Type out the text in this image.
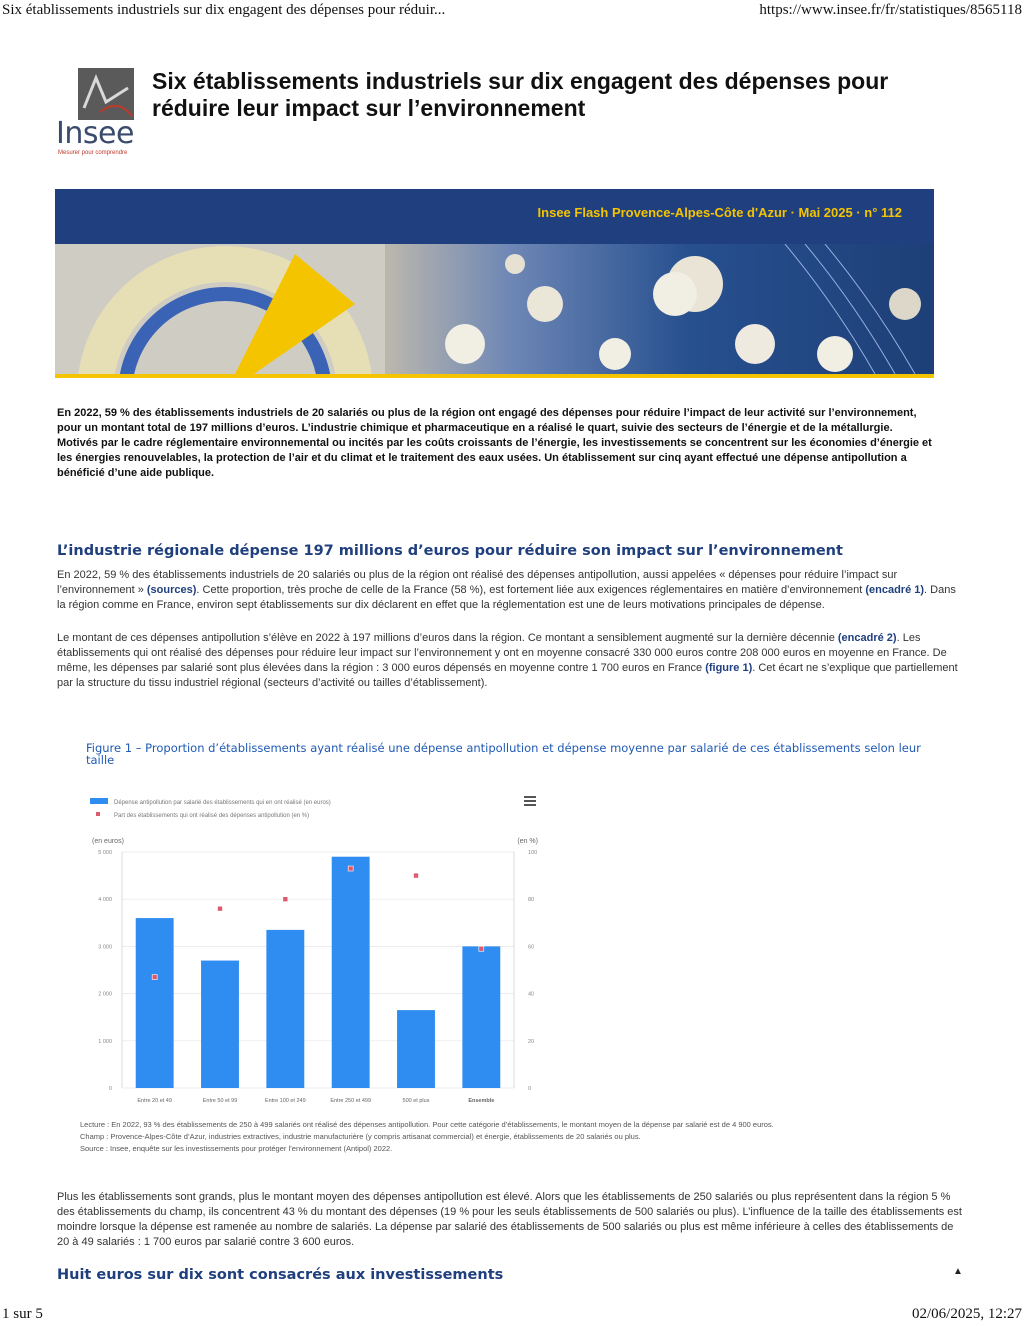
Six établissements industriels sur dix engagent des dépenses pour réduir...	https://www.insee.fr/fr/statistiques/8565118
Insee
Mesurer pour comprendre
Six établissements industriels sur dix engagent des dépenses pour réduire leur impact sur l’environnement
Insee Flash Provence-Alpes-Côte d'Azur · Mai 2025 · n° 112

En 2022, 59 % des établissements industriels de 20 salariés ou plus de la région ont engagé des dépenses pour réduire l’impact de leur activité sur l’environnement, pour un montant total de 197 millions d’euros. L’industrie chimique et pharmaceutique en a réalisé le quart, suivie des secteurs de l’énergie et de la métallurgie. Motivés par le cadre réglementaire environnemental ou incités par les coûts croissants de l’énergie, les investissements se concentrent sur les économies d’énergie et les énergies renouvelables, la protection de l’air et du climat et le traitement des eaux usées. Un établissement sur cinq ayant effectué une dépense antipollution a bénéficié d’une aide publique.

L’industrie régionale dépense 197 millions d’euros pour réduire son impact sur l’environnement

En 2022, 59 % des établissements industriels de 20 salariés ou plus de la région ont réalisé des dépenses antipollution, aussi appelées « dépenses pour réduire l’impact sur l’environnement » (sources). Cette proportion, très proche de celle de la France (58 %), est fortement liée aux exigences réglementaires en matière d’environnement (encadré 1). Dans la région comme en France, environ sept établissements sur dix déclarent en effet que la réglementation est une de leurs motivations principales de dépense.

Le montant de ces dépenses antipollution s’élève en 2022 à 197 millions d’euros dans la région. Ce montant a sensiblement augmenté sur la dernière décennie (encadré 2). Les établissements qui ont réalisé des dépenses pour réduire leur impact sur l’environnement y ont en moyenne consacré 330 000 euros contre 208 000 euros en moyenne en France. De même, les dépenses par salarié sont plus élevées dans la région : 3 000 euros dépensés en moyenne contre 1 700 euros en France (figure 1). Cet écart ne s’explique que partiellement par la structure du tissu industriel régional (secteurs d’activité ou tailles d’établissement).

Figure 1 – Proportion d’établissements ayant réalisé une dépense antipollution et dépense moyenne par salarié de ces établissements selon leur taille
Dépense antipollution par salarié des établissements qui en ont réalisé (en euros)
Part des établissements qui ont réalisé des dépenses antipollution (en %)
(en euros)	(en %)
0	0
1 000	20
2 000	40
3 000	60
4 000	80
5 000	100
Entre 20 et 49	Entre 50 et 99	Entre 100 et 249	Entre 250 et 499	500 et plus	Ensemble
Lecture : En 2022, 93 % des établissements de 250 à 499 salariés ont réalisé des dépenses antipollution. Pour cette catégorie d’établissements, le montant moyen de la dépense par salarié est de 4 900 euros.
Champ : Provence-Alpes-Côte d’Azur, industries extractives, industrie manufacturière (y compris artisanat commercial) et énergie, établissements de 20 salariés ou plus.
Source : Insee, enquête sur les investissements pour protéger l’environnement (Antipol) 2022.

Plus les établissements sont grands, plus le montant moyen des dépenses antipollution est élevé. Alors que les établissements de 250 salariés ou plus représentent dans la région 5 % des établissements du champ, ils concentrent 43 % du montant des dépenses (19 % pour les seuls établissements de 500 salariés ou plus). L’influence de la taille des établissements est moindre lorsque la dépense est ramenée au nombre de salariés. La dépense par salarié des établissements de 500 salariés ou plus est même inférieure à celles des établissements de 20 à 49 salariés : 1 700 euros par salarié contre 3 600 euros.

Huit euros sur dix sont consacrés aux investissements	▲
1 sur 5	02/06/2025, 12:27
